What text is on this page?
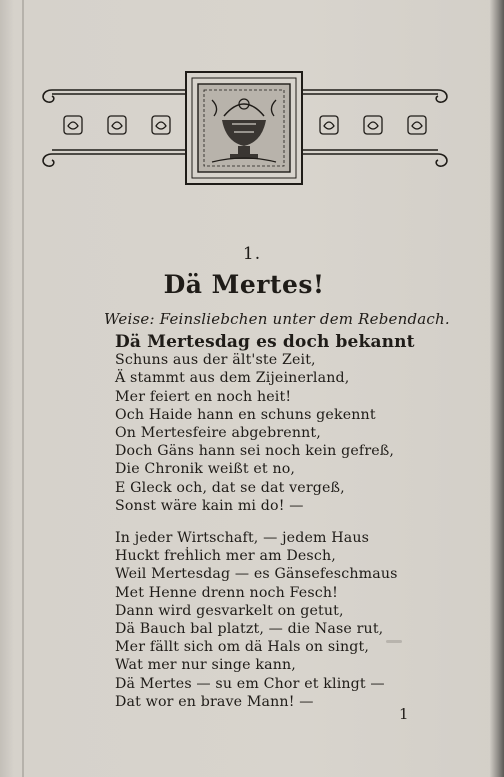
1.
Dä Mertes!
Weise: Feinsliebchen unter dem Rebendach.
Dä Mertesdag es doch bekannt
Schuns aus der ält'ste Zeit,
Ä stammt aus dem Zijeinerland,
Mer feiert en noch heit!
Och Haide hann en schuns gekennt
On Mertesfeire abgebrennt,
Doch Gäns hann sei noch kein gefreß,
Die Chronik weißt et no,
E Gleck och, dat se dat vergeß,
Sonst wäre kain mi do! —
In jeder Wirtschaft, — jedem Haus
Huckt freḣlich mer am Desch,
Weil Mertesdag — es Gänsefeschmaus
Met Henne drenn noch Fesch!
Dann wird gesvarkelt on getut,
Dä Bauch bal platzt, — die Nase rut,
Mer fällt sich om dä Hals on singt,
Wat mer nur singe kann,
Dä Mertes — su em Chor et klingt —
Dat wor en brave Mann! —
1
